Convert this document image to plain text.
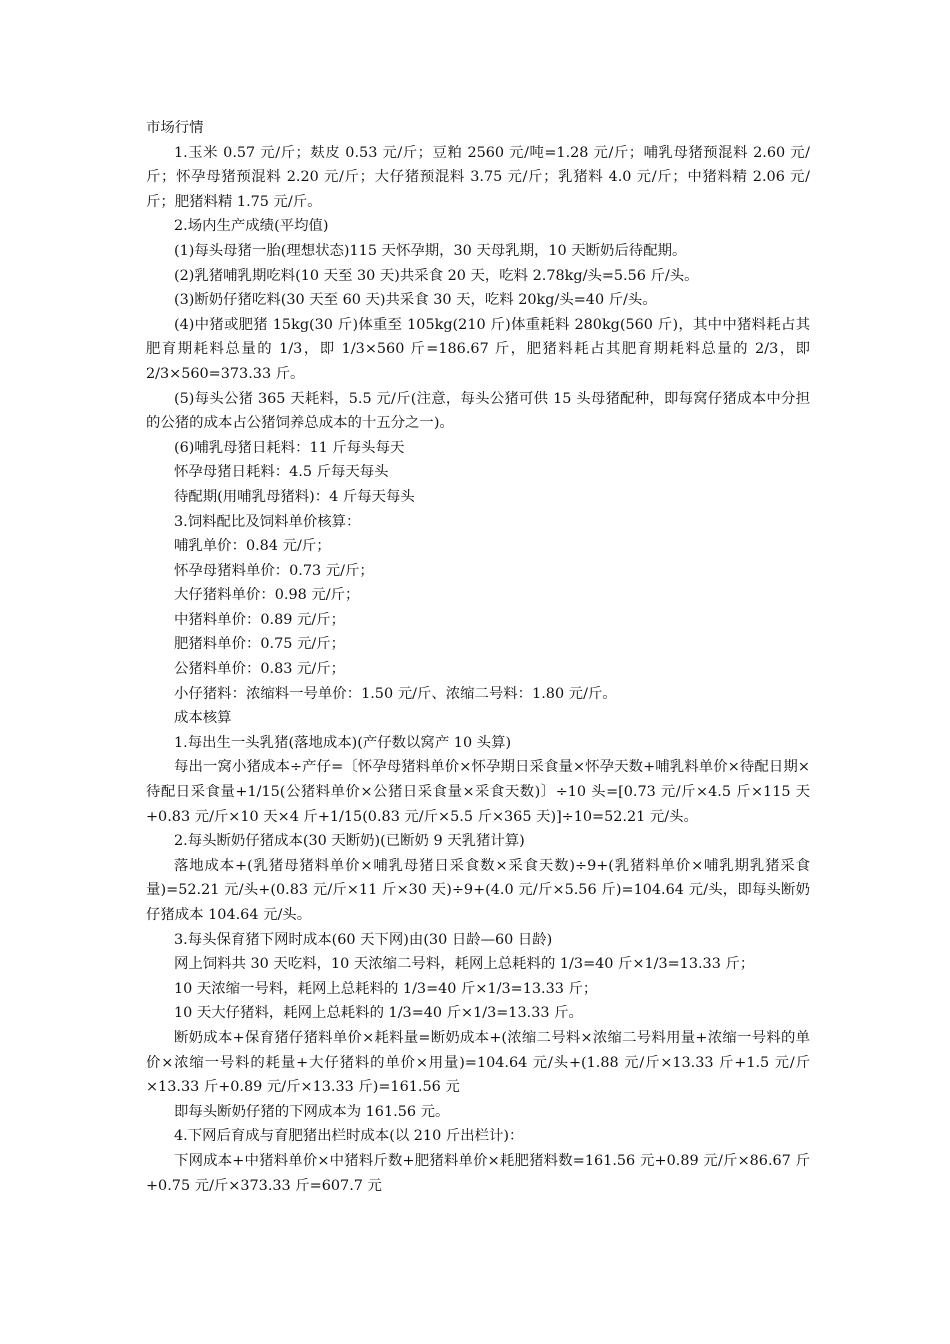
市场行情

1.玉米 0.57 元/斤；麸皮 0.53 元/斤；豆粕 2560 元/吨=1.28 元/斤；哺乳母猪预混料 2.60 元/斤；怀孕母猪预混料 2.20 元/斤；大仔猪预混料 3.75 元/斤；乳猪料 4.0 元/斤；中猪料精 2.06 元/斤；肥猪料精 1.75 元/斤。

2.场内生产成绩(平均值)

(1)每头母猪一胎(理想状态)115 天怀孕期，30 天母乳期，10 天断奶后待配期。

(2)乳猪哺乳期吃料(10 天至 30 天)共采食 20 天，吃料 2.78kg/头=5.56 斤/头。

(3)断奶仔猪吃料(30 天至 60 天)共采食 30 天，吃料 20kg/头=40 斤/头。

(4)中猪或肥猪 15kg(30 斤)体重至 105kg(210 斤)体重耗料 280kg(560 斤)，其中中猪料耗占其肥育期耗料总量的 1/3，即 1/3×560 斤=186.67 斤，肥猪料耗占其肥育期耗料总量的 2/3，即 2/3×560=373.33 斤。

(5)每头公猪 365 天耗料，5.5 元/斤(注意，每头公猪可供 15 头母猪配种，即每窝仔猪成本中分担的公猪的成本占公猪饲养总成本的十五分之一)。

(6)哺乳母猪日耗料：11 斤每头每天

怀孕母猪日耗料：4.5 斤每天每头

待配期(用哺乳母猪料)：4 斤每天每头

3.饲料配比及饲料单价核算：

哺乳单价：0.84 元/斤；

怀孕母猪料单价：0.73 元/斤；

大仔猪料单价：0.98 元/斤；

中猪料单价：0.89 元/斤；

肥猪料单价：0.75 元/斤；

公猪料单价：0.83 元/斤；

小仔猪料：浓缩料一号单价：1.50 元/斤、浓缩二号料：1.80 元/斤。

成本核算

1.每出生一头乳猪(落地成本)(产仔数以窝产 10 头算)

每出一窝小猪成本÷产仔=〔怀孕母猪料单价×怀孕期日采食量×怀孕天数+哺乳料单价×待配日期×待配日采食量+1/15(公猪料单价×公猪日采食量×采食天数)〕÷10 头=[0.73 元/斤×4.5 斤×115 天+0.83 元/斤×10 天×4 斤+1/15(0.83 元/斤×5.5 斤×365 天)]÷10=52.21 元/头。

2.每头断奶仔猪成本(30 天断奶)(已断奶 9 天乳猪计算)

落地成本+(乳猪母猪料单价×哺乳母猪日采食数×采食天数)÷9+(乳猪料单价×哺乳期乳猪采食量)=52.21 元/头+(0.83 元/斤×11 斤×30 天)÷9+(4.0 元/斤×5.56 斤)=104.64 元/头，即每头断奶仔猪成本 104.64 元/头。

3.每头保育猪下网时成本(60 天下网)由(30 日龄—60 日龄)

网上饲料共 30 天吃料，10 天浓缩二号料，耗网上总耗料的 1/3=40 斤×1/3=13.33 斤；

10 天浓缩一号料，耗网上总耗料的 1/3=40 斤×1/3=13.33 斤；

10 天大仔猪料，耗网上总耗料的 1/3=40 斤×1/3=13.33 斤。

断奶成本+保育猪仔猪料单价×耗料量=断奶成本+(浓缩二号料×浓缩二号料用量+浓缩一号料的单价×浓缩一号料的耗量+大仔猪料的单价×用量)=104.64 元/头+(1.88 元/斤×13.33 斤+1.5 元/斤×13.33 斤+0.89 元/斤×13.33 斤)=161.56 元

即每头断奶仔猪的下网成本为 161.56 元。

4.下网后育成与育肥猪出栏时成本(以 210 斤出栏计)：

下网成本+中猪料单价×中猪料斤数+肥猪料单价×耗肥猪料数=161.56 元+0.89 元/斤×86.67 斤+0.75 元/斤×373.33 斤=607.7 元
